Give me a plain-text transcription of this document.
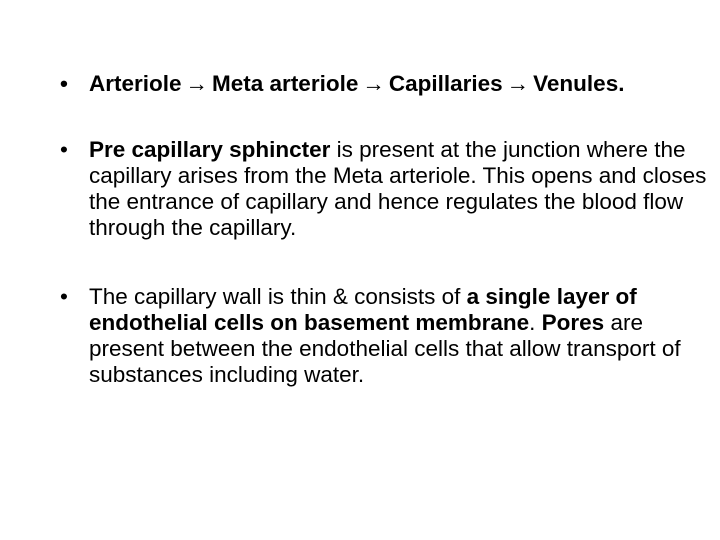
• Arteriole → Meta arteriole → Capillaries → Venules.
• Pre capillary sphincter is present at the junction where the capillary arises from the Meta arteriole. This opens and closes the entrance of capillary and hence regulates the blood flow through the capillary.
• The capillary wall is thin & consists of a single layer of endothelial cells on basement membrane. Pores are present between the endothelial cells that allow transport of substances including water.
